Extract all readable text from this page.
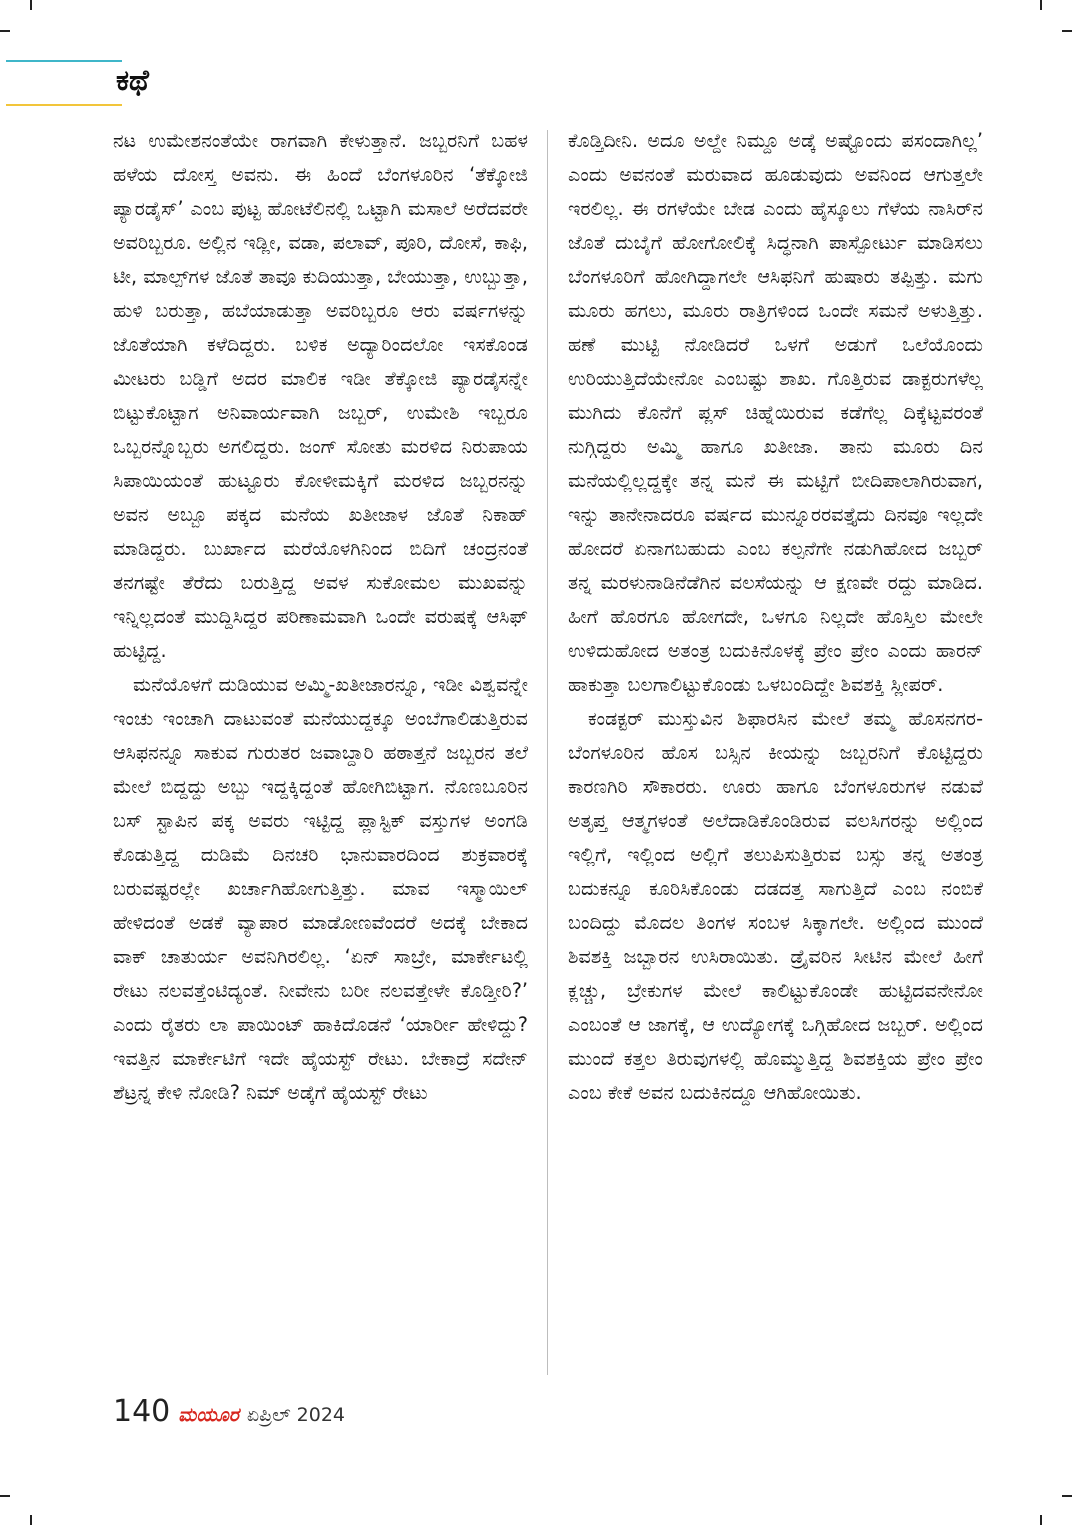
ಕಥೆ

ನಟ ಉಮೇಶನಂತೆಯೇ ರಾಗವಾಗಿ ಕೇಳುತ್ತಾನೆ. ಜಬ್ಬರನಿಗೆ ಬಹಳ ಹಳೆಯ ದೋಸ್ತ ಅವನು. ಈ ಹಿಂದೆ ಬೆಂಗಳೂರಿನ ‘ತೆಕ್ಕೋಜಿ ಪ್ಯಾರಡೈಸ್’ ಎಂಬ ಪುಟ್ಟ ಹೋಟೆಲಿನಲ್ಲಿ ಒಟ್ಟಾಗಿ ಮಸಾಲೆ ಅರೆದವರೇ ಅವರಿಬ್ಬರೂ. ಅಲ್ಲಿನ ಇಡ್ಲೀ, ವಡಾ, ಪಲಾವ್, ಪೂರಿ, ದೋಸೆ, ಕಾಫಿ, ಟೀ, ಮಾಲ್ಪ್‌ಗಳ ಜೊತೆ ತಾವೂ ಕುದಿಯುತ್ತಾ, ಬೇಯುತ್ತಾ, ಉಬ್ಬುತ್ತಾ, ಹುಳಿ ಬರುತ್ತಾ, ಹಬೆಯಾಡುತ್ತಾ ಅವರಿಬ್ಬರೂ ಆರು ವರ್ಷಗಳನ್ನು ಜೊತೆಯಾಗಿ ಕಳೆದಿದ್ದರು. ಬಳಿಕ ಅದ್ಯಾರಿಂದಲೋ ಇಸಕೊಂಡ ಮೀಟರು ಬಡ್ಡಿಗೆ ಅದರ ಮಾಲಿಕ ಇಡೀ ತೆಕ್ಕೋಜಿ ಪ್ಯಾರಡೈಸನ್ನೇ ಬಿಟ್ಟುಕೊಟ್ಟಾಗ ಅನಿವಾರ್ಯವಾಗಿ ಜಬ್ಬರ್, ಉಮೇಶಿ ಇಬ್ಬರೂ ಒಬ್ಬರನ್ನೊಬ್ಬರು ಅಗಲಿದ್ದರು. ಜಂಗ್ ಸೋತು ಮರಳಿದ ನಿರುಪಾಯ ಸಿಪಾಯಿಯಂತೆ ಹುಟ್ಟೂರು ಕೋಳೀಮಕ್ಕಿಗೆ ಮರಳಿದ ಜಬ್ಬರನನ್ನು ಅವನ ಅಬ್ಬೂ ಪಕ್ಕದ ಮನೆಯ ಖತೀಜಾಳ ಜೊತೆ ನಿಕಾಹ್ ಮಾಡಿದ್ದರು. ಬುರ್ಖಾದ ಮರೆಯೊಳಗಿನಿಂದ ಬಿದಿಗೆ ಚಂದ್ರನಂತೆ ತನಗಷ್ಟೇ ತೆರೆದು ಬರುತ್ತಿದ್ದ ಅವಳ ಸುಕೋಮಲ ಮುಖವನ್ನು ಇನ್ನಿಲ್ಲದಂತೆ ಮುದ್ದಿಸಿದ್ದರ ಪರಿಣಾಮವಾಗಿ ಒಂದೇ ವರುಷಕ್ಕೆ ಆಸಿಫ್ ಹುಟ್ಟಿದ್ದ.

ಮನೆಯೊಳಗೆ ದುಡಿಯುವ ಅಮ್ಮಿ-ಖತೀಜಾರನ್ನೂ, ಇಡೀ ವಿಶ್ವವನ್ನೇ ಇಂಚು ಇಂಚಾಗಿ ದಾಟುವಂತೆ ಮನೆಯುದ್ದಕ್ಕೂ ಅಂಬೆಗಾಲಿಡುತ್ತಿರುವ ಆಸಿಫನನ್ನೂ ಸಾಕುವ ಗುರುತರ ಜವಾಬ್ದಾರಿ ಹಠಾತ್ತನೆ ಜಬ್ಬರನ ತಲೆ ಮೇಲೆ ಬಿದ್ದದ್ದು ಅಬ್ಬು ಇದ್ದಕ್ಕಿದ್ದಂತೆ ಹೋಗಿಬಿಟ್ಟಾಗ. ನೊಣಬೂರಿನ ಬಸ್ ಸ್ಟಾಪಿನ ಪಕ್ಕ ಅವರು ಇಟ್ಟಿದ್ದ ಪ್ಲಾಸ್ಟಿಕ್ ವಸ್ತುಗಳ ಅಂಗಡಿ ಕೊಡುತ್ತಿದ್ದ ದುಡಿಮೆ ದಿನಚರಿ ಭಾನುವಾರದಿಂದ ಶುಕ್ರವಾರಕ್ಕೆ ಬರುವಷ್ಟರಲ್ಲೇ ಖರ್ಚಾಗಿಹೋಗುತ್ತಿತ್ತು. ಮಾವ ಇಸ್ಮಾಯಿಲ್ ಹೇಳಿದಂತೆ ಅಡಕೆ ವ್ಯಾಪಾರ ಮಾಡೋಣವೆಂದರೆ ಅದಕ್ಕೆ ಬೇಕಾದ ವಾಕ್ ಚಾತುರ್ಯ ಅವನಿಗಿರಲಿಲ್ಲ. ‘ಏನ್ ಸಾಬ್ರೇ, ಮಾರ್ಕೇಟಲ್ಲಿ ರೇಟು ನಲವತ್ತೆಂಟಿದ್ಯಂತೆ. ನೀವೇನು ಬರೀ ನಲವತ್ತೇಳೇ ಕೊಡ್ತೀರಿ?’ ಎಂದು ರೈತರು ಲಾ ಪಾಯಿಂಟ್ ಹಾಕಿದೊಡನೆ ‘ಯಾರ್ರೀ ಹೇಳಿದ್ದು? ಇವತ್ತಿನ ಮಾರ್ಕೇಟಿಗೆ ಇದೇ ಹೈಯಸ್ಟ್ ರೇಟು. ಬೇಕಾದ್ರೆ ಸದೇನ್ ಶೆಟ್ರನ್ನ ಕೇಳಿ ನೋಡಿ? ನಿಮ್ ಅಡ್ಕೆಗೆ ಹೈಯಸ್ಟ್ ರೇಟು

ಕೊಡ್ತಿದೀನಿ. ಅದೂ ಅಲ್ದೇ ನಿಮ್ದೂ ಅಡ್ಕೆ ಅಷ್ಟೊಂದು ಪಸಂದಾಗಿಲ್ಲ’ ಎಂದು ಅವನಂತೆ ಮರುವಾದ ಹೂಡುವುದು ಅವನಿಂದ ಆಗುತ್ತಲೇ ಇರಲಿಲ್ಲ. ಈ ರಗಳೆಯೇ ಬೇಡ ಎಂದು ಹೈಸ್ಕೂಲು ಗೆಳೆಯ ನಾಸಿರ್‌ನ ಜೊತೆ ದುಬೈಗೆ ಹೋಗೋಲಿಕ್ಕೆ ಸಿದ್ಧನಾಗಿ ಪಾಸ್ಪೋರ್ಟು ಮಾಡಿಸಲು ಬೆಂಗಳೂರಿಗೆ ಹೋಗಿದ್ದಾಗಲೇ ಆಸಿಫನಿಗೆ ಹುಷಾರು ತಪ್ಪಿತ್ತು. ಮಗು ಮೂರು ಹಗಲು, ಮೂರು ರಾತ್ರಿಗಳಿಂದ ಒಂದೇ ಸಮನೆ ಅಳುತ್ತಿತ್ತು. ಹಣೆ ಮುಟ್ಟಿ ನೋಡಿದರೆ ಒಳಗೆ ಅಡುಗೆ ಒಲೆಯೊಂದು ಉರಿಯುತ್ತಿದೆಯೇನೋ ಎಂಬಷ್ಟು ಶಾಖ. ಗೊತ್ತಿರುವ ಡಾಕ್ಟರುಗಳೆಲ್ಲ ಮುಗಿದು ಕೊನೆಗೆ ಪ್ಲಸ್ ಚಿಹ್ನೆಯಿರುವ ಕಡೆಗೆಲ್ಲ ದಿಕ್ಕೆಟ್ಟವರಂತೆ ನುಗ್ಗಿದ್ದರು ಅಮ್ಮಿ ಹಾಗೂ ಖತೀಜಾ. ತಾನು ಮೂರು ದಿನ ಮನೆಯಲ್ಲಿಲ್ಲದ್ದಕ್ಕೇ ತನ್ನ ಮನೆ ಈ ಮಟ್ಟಿಗೆ ಬೀದಿಪಾಲಾಗಿರುವಾಗ, ಇನ್ನು ತಾನೇನಾದರೂ ವರ್ಷದ ಮುನ್ನೂರರವತ್ತೈದು ದಿನವೂ ಇಲ್ಲದೇ ಹೋದರೆ ಏನಾಗಬಹುದು ಎಂಬ ಕಲ್ಪನೆಗೇ ನಡುಗಿಹೋದ ಜಬ್ಬರ್ ತನ್ನ ಮರಳುನಾಡಿನೆಡೆಗಿನ ವಲಸೆಯನ್ನು ಆ ಕ್ಷಣವೇ ರದ್ದು ಮಾಡಿದ. ಹೀಗೆ ಹೊರಗೂ ಹೋಗದೇ, ಒಳಗೂ ನಿಲ್ಲದೇ ಹೊಸ್ತಿಲ ಮೇಲೇ ಉಳಿದುಹೋದ ಅತಂತ್ರ ಬದುಕಿನೊಳಕ್ಕೆ ಪ್ರೇಂ ಪ್ರೇಂ ಎಂದು ಹಾರನ್ ಹಾಕುತ್ತಾ ಬಲಗಾಲಿಟ್ಟುಕೊಂಡು ಒಳಬಂದಿದ್ದೇ ಶಿವಶಕ್ತಿ ಸ್ಲೀಪರ್.

ಕಂಡಕ್ಟರ್ ಮುಸ್ತುವಿನ ಶಿಫಾರಸಿನ ಮೇಲೆ ತಮ್ಮ ಹೊಸನಗರ-ಬೆಂಗಳೂರಿನ ಹೊಸ ಬಸ್ಸಿನ ಕೀಯನ್ನು ಜಬ್ಬರನಿಗೆ ಕೊಟ್ಟಿದ್ದರು ಕಾರಣಗಿರಿ ಸೌಕಾರರು. ಊರು ಹಾಗೂ ಬೆಂಗಳೂರುಗಳ ನಡುವೆ ಅತೃಪ್ತ ಆತ್ಮಗಳಂತೆ ಅಲೆದಾಡಿಕೊಂಡಿರುವ ವಲಸಿಗರನ್ನು ಅಲ್ಲಿಂದ ಇಲ್ಲಿಗೆ, ಇಲ್ಲಿಂದ ಅಲ್ಲಿಗೆ ತಲುಪಿಸುತ್ತಿರುವ ಬಸ್ಸು ತನ್ನ ಅತಂತ್ರ ಬದುಕನ್ನೂ ಕೂರಿಸಿಕೊಂಡು ದಡದತ್ತ ಸಾಗುತ್ತಿದೆ ಎಂಬ ನಂಬಿಕೆ ಬಂದಿದ್ದು ಮೊದಲ ತಿಂಗಳ ಸಂಬಳ ಸಿಕ್ಕಾಗಲೇ. ಅಲ್ಲಿಂದ ಮುಂದೆ ಶಿವಶಕ್ತಿ ಜಬ್ಬಾರನ ಉಸಿರಾಯಿತು. ಡ್ರೈವರಿನ ಸೀಟಿನ ಮೇಲೆ ಹೀಗೆ ಕ್ಲಚ್ಚು, ಬ್ರೇಕುಗಳ ಮೇಲೆ ಕಾಲಿಟ್ಟುಕೊಂಡೇ ಹುಟ್ಟಿದವನೇನೋ ಎಂಬಂತೆ ಆ ಜಾಗಕ್ಕೆ, ಆ ಉದ್ಯೋಗಕ್ಕೆ ಒಗ್ಗಿಹೋದ ಜಬ್ಬರ್. ಅಲ್ಲಿಂದ ಮುಂದೆ ಕತ್ತಲ ತಿರುವುಗಳಲ್ಲಿ ಹೊಮ್ಮುತ್ತಿದ್ದ ಶಿವಶಕ್ತಿಯ ಪ್ರೇಂ ಪ್ರೇಂ ಎಂಬ ಕೇಕೆ ಅವನ ಬದುಕಿನದ್ದೂ ಆಗಿಹೋಯಿತು.

140 ಮಯೂರ ಏಪ್ರಿಲ್ 2024
